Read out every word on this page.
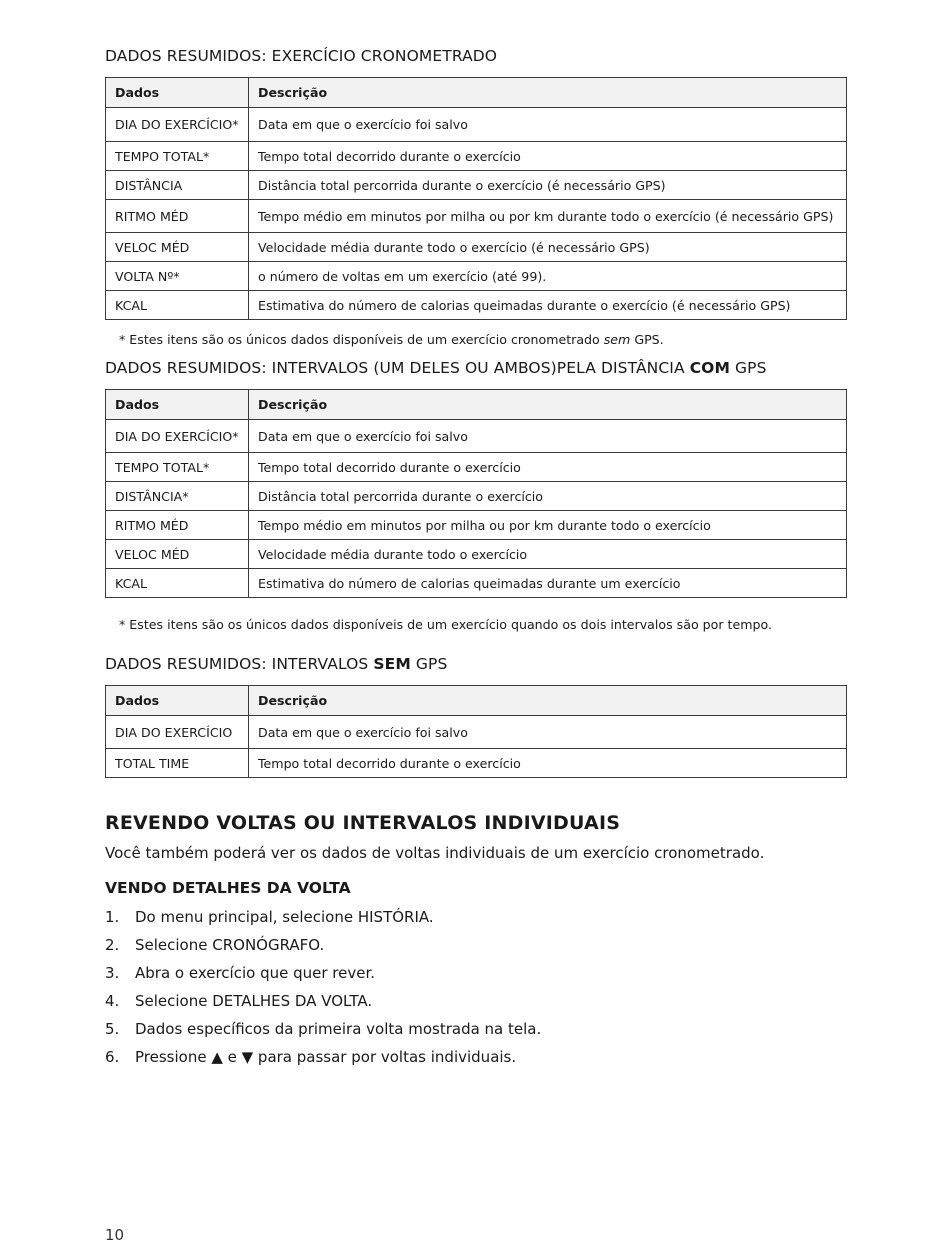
DADOS RESUMIDOS: EXERCÍCIO CRONOMETRADO
Dados	Descrição
DIA DO EXERCÍCIO*	Data em que o exercício foi salvo
TEMPO TOTAL*	Tempo total decorrido durante o exercício
DISTÂNCIA	Distância total percorrida durante o exercício (é necessário GPS)
RITMO MÉD	Tempo médio em minutos por milha ou por km durante todo o exercício (é necessário GPS)
VELOC MÉD	Velocidade média durante todo o exercício (é necessário GPS)
VOLTA Nº*	o número de voltas em um exercício (até 99).
KCAL	Estimativa do número de calorias queimadas durante o exercício (é necessário GPS)
* Estes itens são os únicos dados disponíveis de um exercício cronometrado sem GPS.
DADOS RESUMIDOS: INTERVALOS (UM DELES OU AMBOS)PELA DISTÂNCIA COM GPS
Dados	Descrição
DIA DO EXERCÍCIO*	Data em que o exercício foi salvo
TEMPO TOTAL*	Tempo total decorrido durante o exercício
DISTÂNCIA*	Distância total percorrida durante o exercício
RITMO MÉD	Tempo médio em minutos por milha ou por km durante todo o exercício
VELOC MÉD	Velocidade média durante todo o exercício
KCAL	Estimativa do número de calorias queimadas durante um exercício
* Estes itens são os únicos dados disponíveis de um exercício quando os dois intervalos são por tempo.
DADOS RESUMIDOS: INTERVALOS SEM GPS
Dados	Descrição
DIA DO EXERCÍCIO	Data em que o exercício foi salvo
TOTAL TIME	Tempo total decorrido durante o exercício
REVENDO VOLTAS OU INTERVALOS INDIVIDUAIS
Você também poderá ver os dados de voltas individuais de um exercício cronometrado.
VENDO DETALHES DA VOLTA
1. Do menu principal, selecione HISTÓRIA.
2. Selecione CRONÓGRAFO.
3. Abra o exercício que quer rever.
4. Selecione DETALHES DA VOLTA.
5. Dados específicos da primeira volta mostrada na tela.
6. Pressione ▲ e ▼ para passar por voltas individuais.
10
